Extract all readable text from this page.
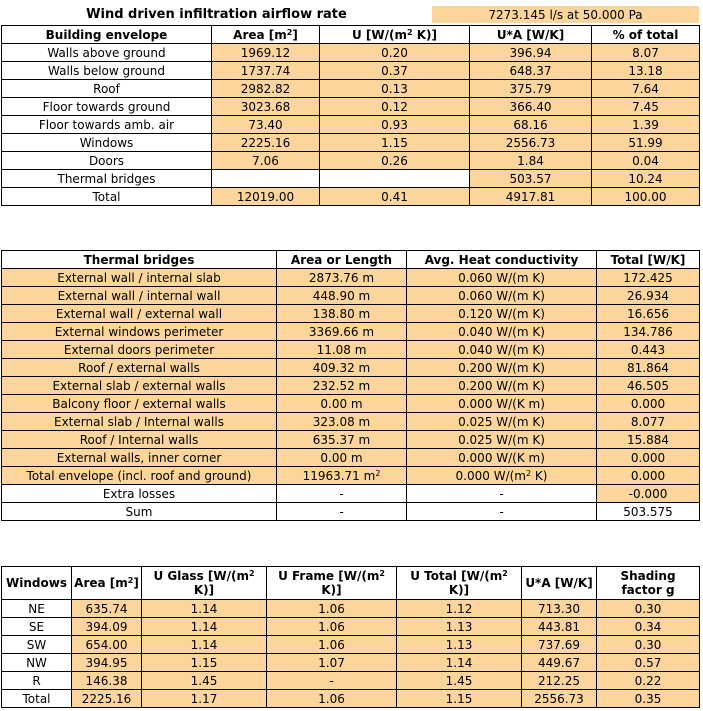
Wind driven infiltration airflow rate	7273.145 l/s at 50.000 Pa
Building envelope	Area $[m^2]$	U [$W/(m^2$ K)]	U*A [W/K]	% of total
Walls above ground	1969.12	0.20	396.94	8.07
Walls below ground	1737.74	0.37	648.37	13.18
Roof	2982.82	0.13	375.79	7.64
Floor towards ground	3023.68	0.12	366.40	7.45
Floor towards amb. air	73.40	0.93	68.16	1.39
Windows	2225.16	1.15	2556.73	51.99
Doors	7.06	0.26	1.84	0.04
Thermal bridges			503.57	10.24
Total	12019.00	0.41	4917.81	100.00
Thermal bridges	Area or Length	Avg. Heat conductivity	Total [W/K]
External wall / internal slab	2873.76 m	0.060 W/(m K)	172.425
External wall / internal wall	448.90 m	0.060 W/(m K)	26.934
External wall / external wall	138.80 m	0.120 W/(m K)	16.656
External windows perimeter	3369.66 m	0.040 W/(m K)	134.786
External doors perimeter	11.08 m	0.040 W/(m K)	0.443
Roof / external walls	409.32 m	0.200 W/(m K)	81.864
External slab / external walls	232.52 m	0.200 W/(m K)	46.505
Balcony floor / external walls	0.00 m	0.000 W/(K m)	0.000
External slab / Internal walls	323.08 m	0.025 W/(m K)	8.077
Roof / Internal walls	635.37 m	0.025 W/(m K)	15.884
External walls, inner corner	0.00 m	0.000 W/(K m)	0.000
Total envelope (incl. roof and ground)	11963.71 $m^2$	0.000 $W/(m^2$ K)	0.000
Extra losses	-	-	-0.000
Sum	-	-	503.575
Windows	Area $[m^2]$	U Glass [$W/(m^2$ K)]	U Frame [$W/(m^2$ K)]	U Total [$W/(m^2$ K)]	U*A [W/K]	Shading factor g
NE	635.74	1.14	1.06	1.12	713.30	0.30
SE	394.09	1.14	1.06	1.13	443.81	0.34
SW	654.00	1.14	1.06	1.13	737.69	0.30
NW	394.95	1.15	1.07	1.14	449.67	0.57
R	146.38	1.45	-	1.45	212.25	0.22
Total	2225.16	1.17	1.06	1.15	2556.73	0.35
